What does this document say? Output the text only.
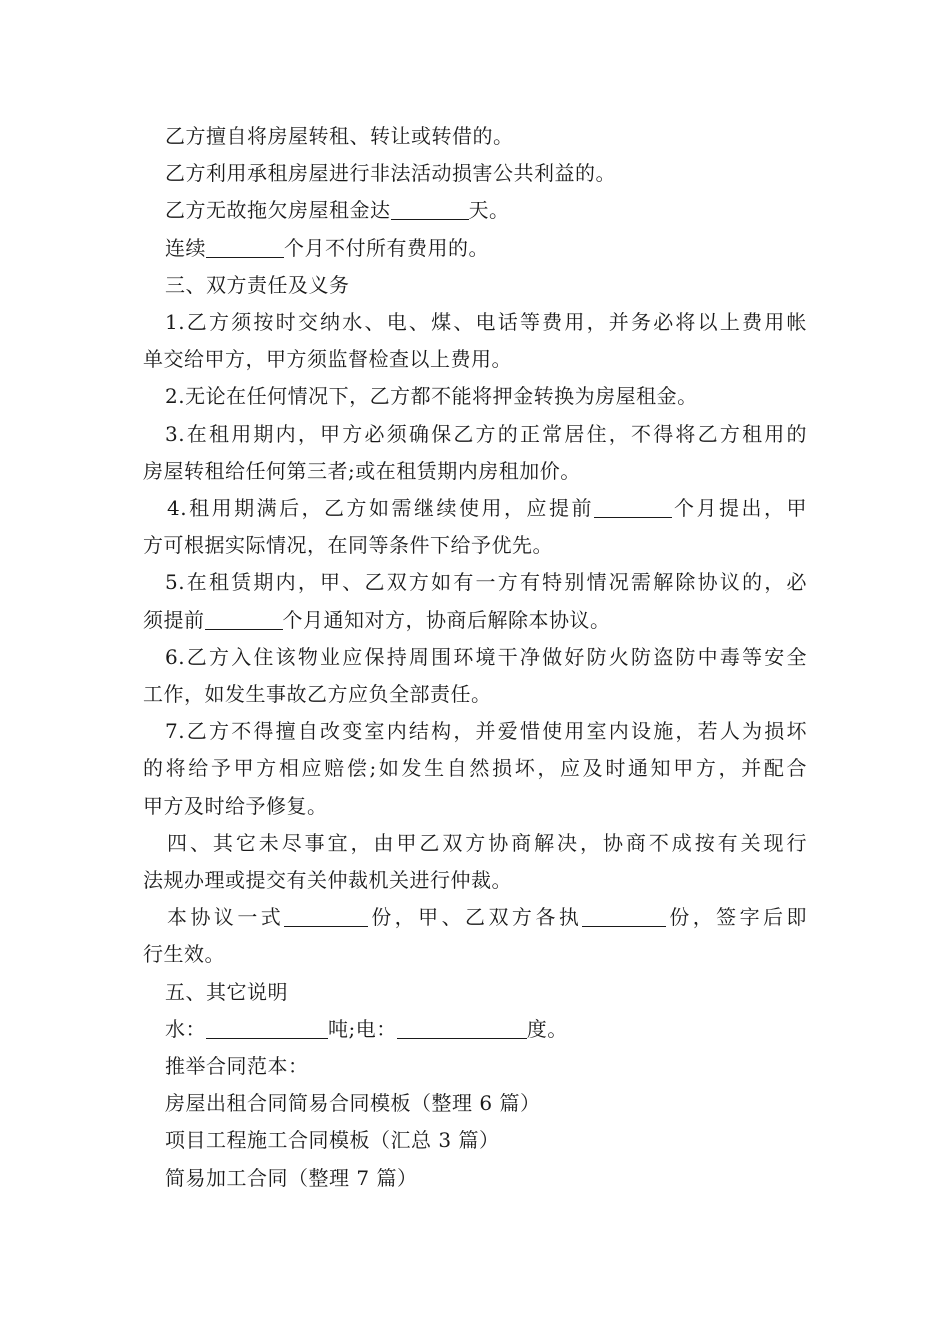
乙方擅自将房屋转租、转让或转借的。

乙方利用承租房屋进行非法活动损害公共利益的。

乙方无故拖欠房屋租金达	天。

连续	个月不付所有费用的。

三、双方责任及义务

1.乙方须按时交纳水、电、煤、电话等费用，并务必将以上费用帐

单交给甲方，甲方须监督检查以上费用。

2.无论在任何情况下，乙方都不能将押金转换为房屋租金。

3.在租用期内，甲方必须确保乙方的正常居住，不得将乙方租用的

房屋转租给任何第三者;或在租赁期内房租加价。

4.租用期满后，乙方如需继续使用，应提前	个月提出，甲

方可根据实际情况，在同等条件下给予优先。

5.在租赁期内，甲、乙双方如有一方有特别情况需解除协议的，必

须提前	个月通知对方，协商后解除本协议。

6.乙方入住该物业应保持周围环境干净做好防火防盗防中毒等安全

工作，如发生事故乙方应负全部责任。

7.乙方不得擅自改变室内结构，并爱惜使用室内设施，若人为损坏

的将给予甲方相应赔偿;如发生自然损坏，应及时通知甲方，并配合

甲方及时给予修复。

四、其它未尽事宜，由甲乙双方协商解决，协商不成按有关现行

法规办理或提交有关仲裁机关进行仲裁。

本协议一式	份，甲、乙双方各执	份，签字后即

行生效。

五、其它说明

水：	吨;电：	度。

推举合同范本：

房屋出租合同简易合同模板（整理 6 篇）

项目工程施工合同模板（汇总 3 篇）

简易加工合同（整理 7 篇）
